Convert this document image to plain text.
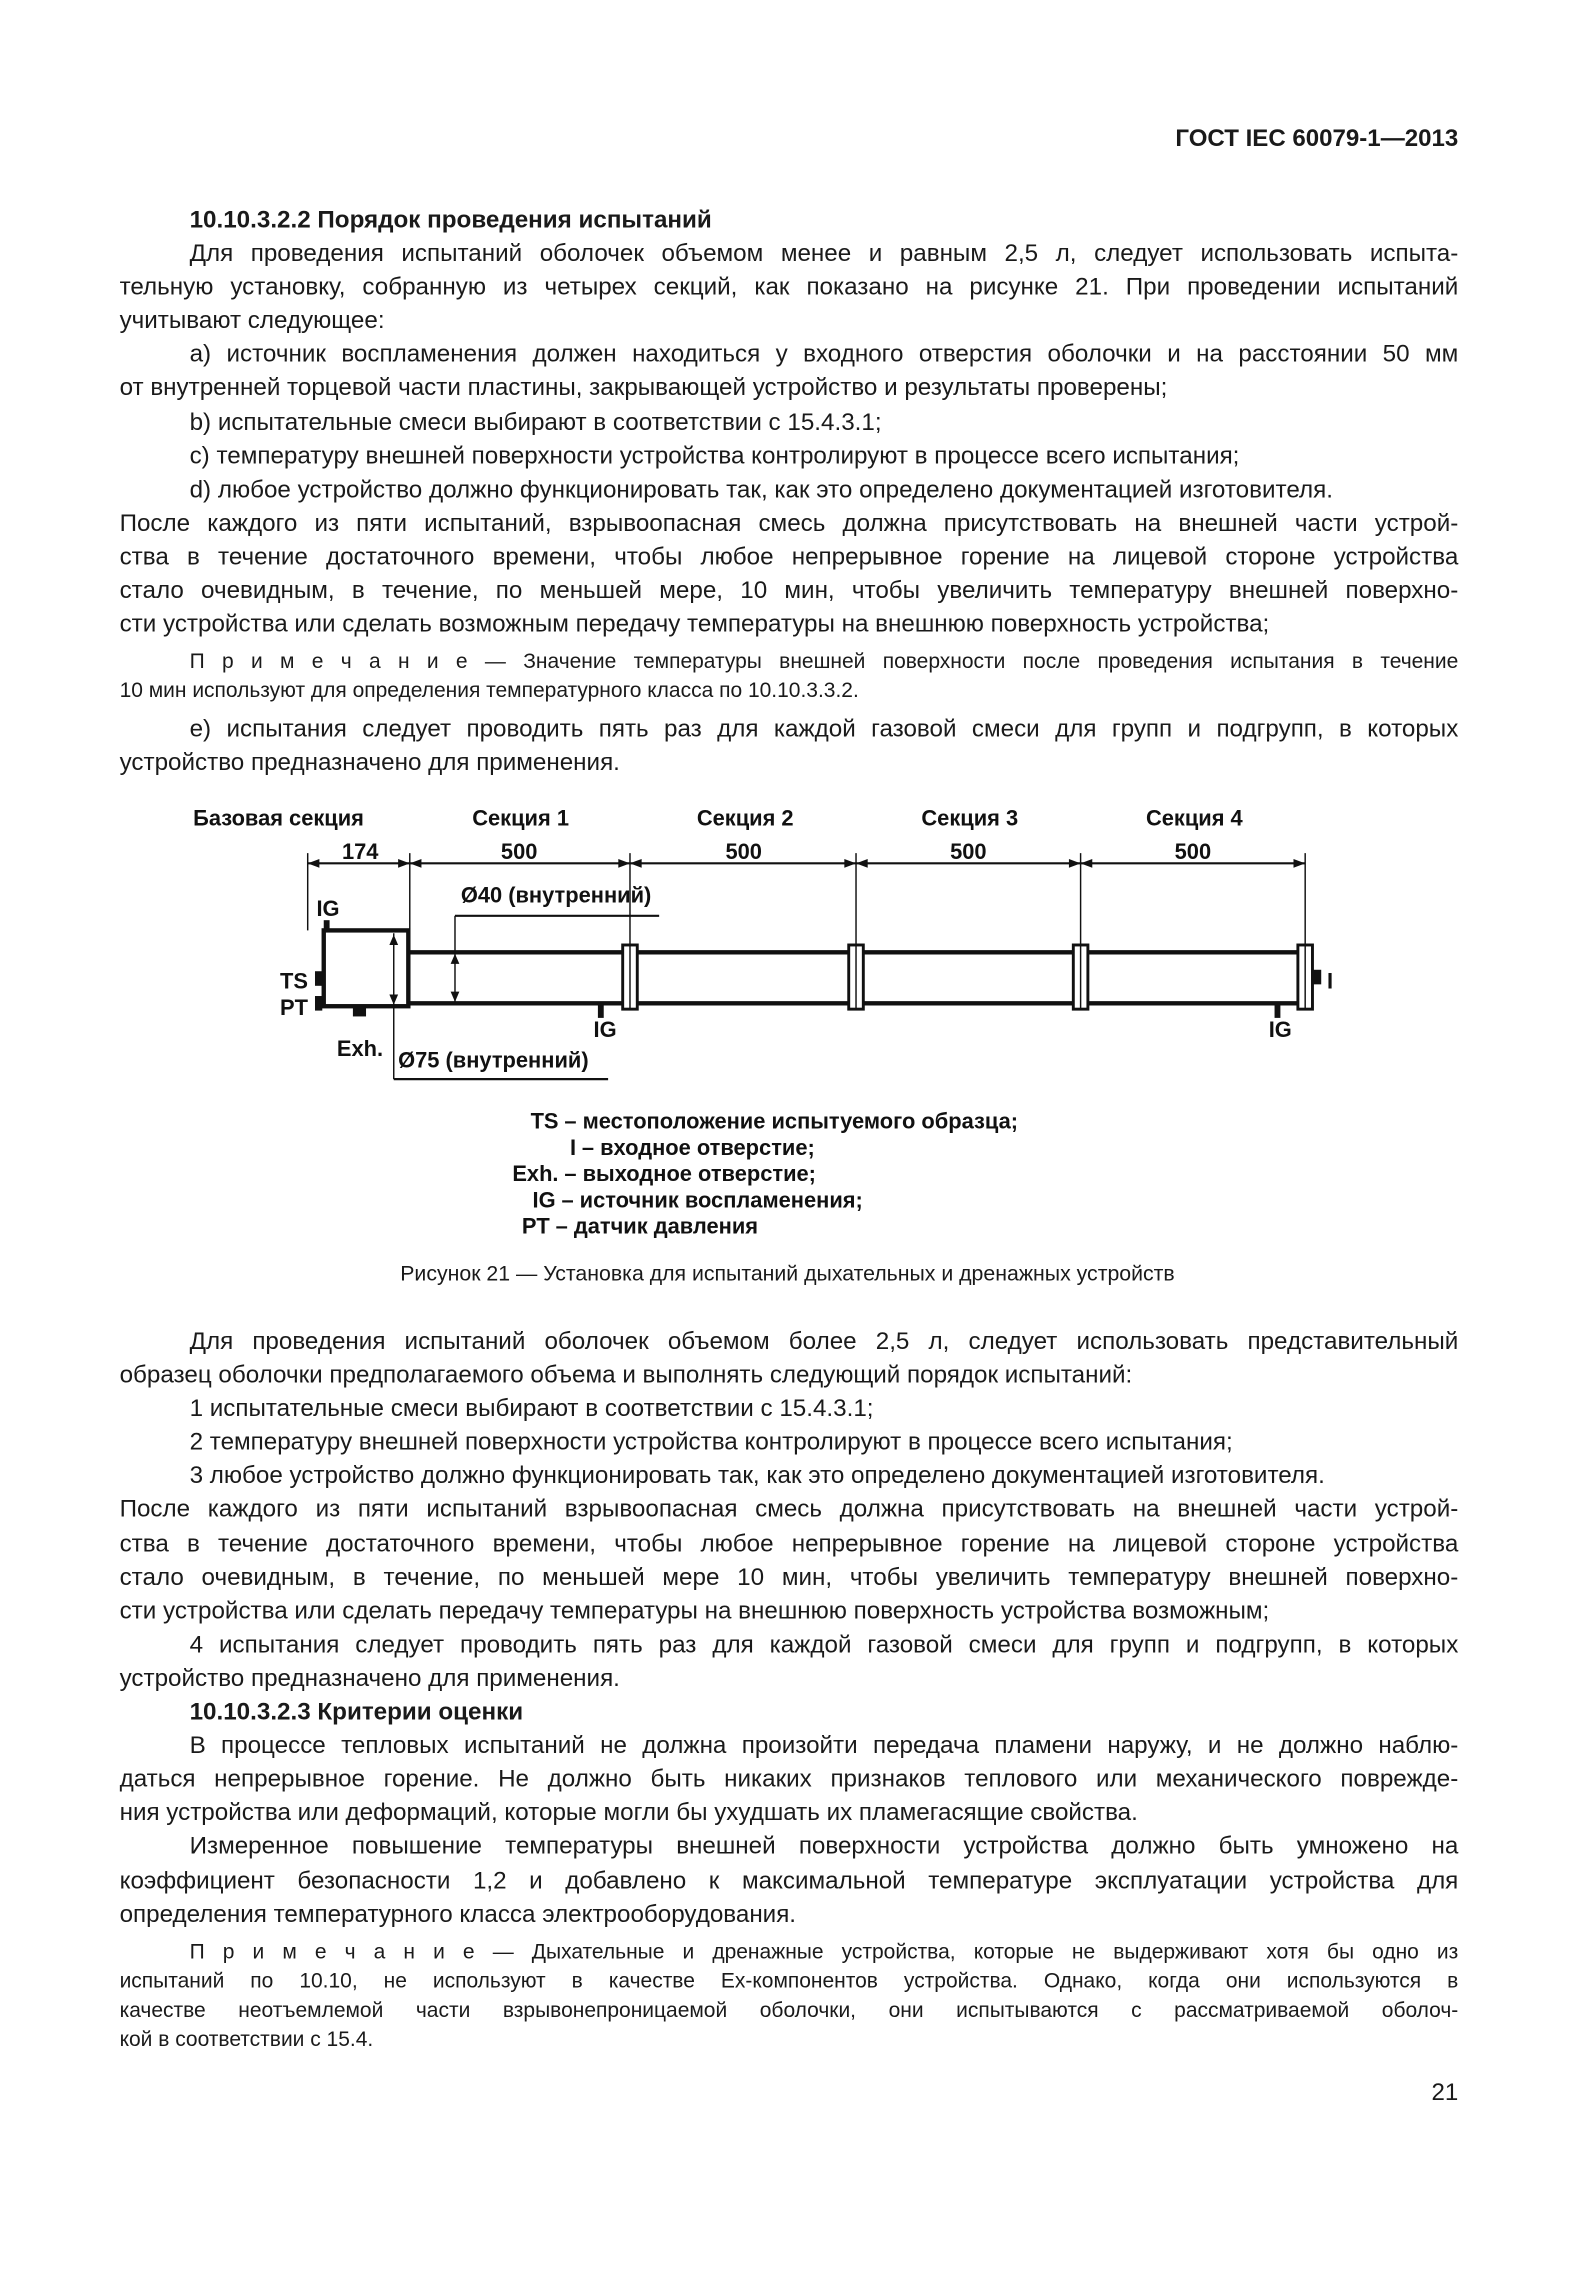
ГОСТ IEC 60079-1—2013
10.10.3.2.2 Порядок проведения испытаний
Для проведения испытаний оболочек объемом менее и равным 2,5 л, следует использовать испыта-
тельную установку, собранную из четырех секций, как показано на рисунке 21. При проведении испытаний
учитывают следующее:
а) источник воспламенения должен находиться у входного отверстия оболочки и на расстоянии 50 мм
от внутренней торцевой части пластины, закрывающей устройство и результаты проверены;
b) испытательные смеси выбирают в соответствии с 15.4.3.1;
с) температуру внешней поверхности устройства контролируют в процессе всего испытания;
d) любое устройство должно функционировать так, как это определено документацией изготовителя.
После каждого из пяти испытаний, взрывоопасная смесь должна присутствовать на внешней части устрой-
ства в течение достаточного времени, чтобы любое непрерывное горение на лицевой стороне устройства
стало очевидным, в течение, по меньшей мере, 10 мин, чтобы увеличить температуру внешней поверхно-
сти устройства или сделать возможным передачу температуры на внешнюю поверхность устройства;
П р и м е ч а н и е — Значение температуры внешней поверхности после проведения испытания в течение
10 мин используют для определения температурного класса по 10.10.3.3.2.
е) испытания следует проводить пять раз для каждой газовой смеси для групп и подгрупп, в которых
устройство предназначено для применения.
Базовая секция	Секция 1	Секция 2	Секция 3	Секция 4
174	500	500	500	500
Ø40 (внутренний)
Ø75 (внутренний)
IG
TS
PT
Exh.
IG	IG
I
TS – местоположение испытуемого образца;
I – входное отверстие;
Exh. – выходное отверстие;
IG – источник воспламенения;
PT – датчик давления
Рисунок 21 — Установка для испытаний дыхательных и дренажных устройств
Для проведения испытаний оболочек объемом более 2,5 л, следует использовать представительный
образец оболочки предполагаемого объема и выполнять следующий порядок испытаний:
1 испытательные смеси выбирают в соответствии с 15.4.3.1;
2 температуру внешней поверхности устройства контролируют в процессе всего испытания;
3 любое устройство должно функционировать так, как это определено документацией изготовителя.
После каждого из пяти испытаний взрывоопасная смесь должна присутствовать на внешней части устрой-
ства в течение достаточного времени, чтобы любое непрерывное горение на лицевой стороне устройства
стало очевидным, в течение, по меньшей мере 10 мин, чтобы увеличить температуру внешней поверхно-
сти устройства или сделать передачу температуры на внешнюю поверхность устройства возможным;
4 испытания следует проводить пять раз для каждой газовой смеси для групп и подгрупп, в которых
устройство предназначено для применения.
10.10.3.2.3 Критерии оценки
В процессе тепловых испытаний не должна произойти передача пламени наружу, и не должно наблю-
даться непрерывное горение. Не должно быть никаких признаков теплового или механического поврежде-
ния устройства или деформаций, которые могли бы ухудшать их пламегасящие свойства.
Измеренное повышение температуры внешней поверхности устройства должно быть умножено на
коэффициент безопасности 1,2 и добавлено к максимальной температуре эксплуатации устройства для
определения температурного класса электрооборудования.
П р и м е ч а н и е — Дыхательные и дренажные устройства, которые не выдерживают хотя бы одно из
испытаний по 10.10, не используют в качестве Ex-компонентов устройства. Однако, когда они используются в
качестве неотъемлемой части взрывонепроницаемой оболочки, они испытываются с рассматриваемой оболоч-
кой в соответствии с 15.4.
21
